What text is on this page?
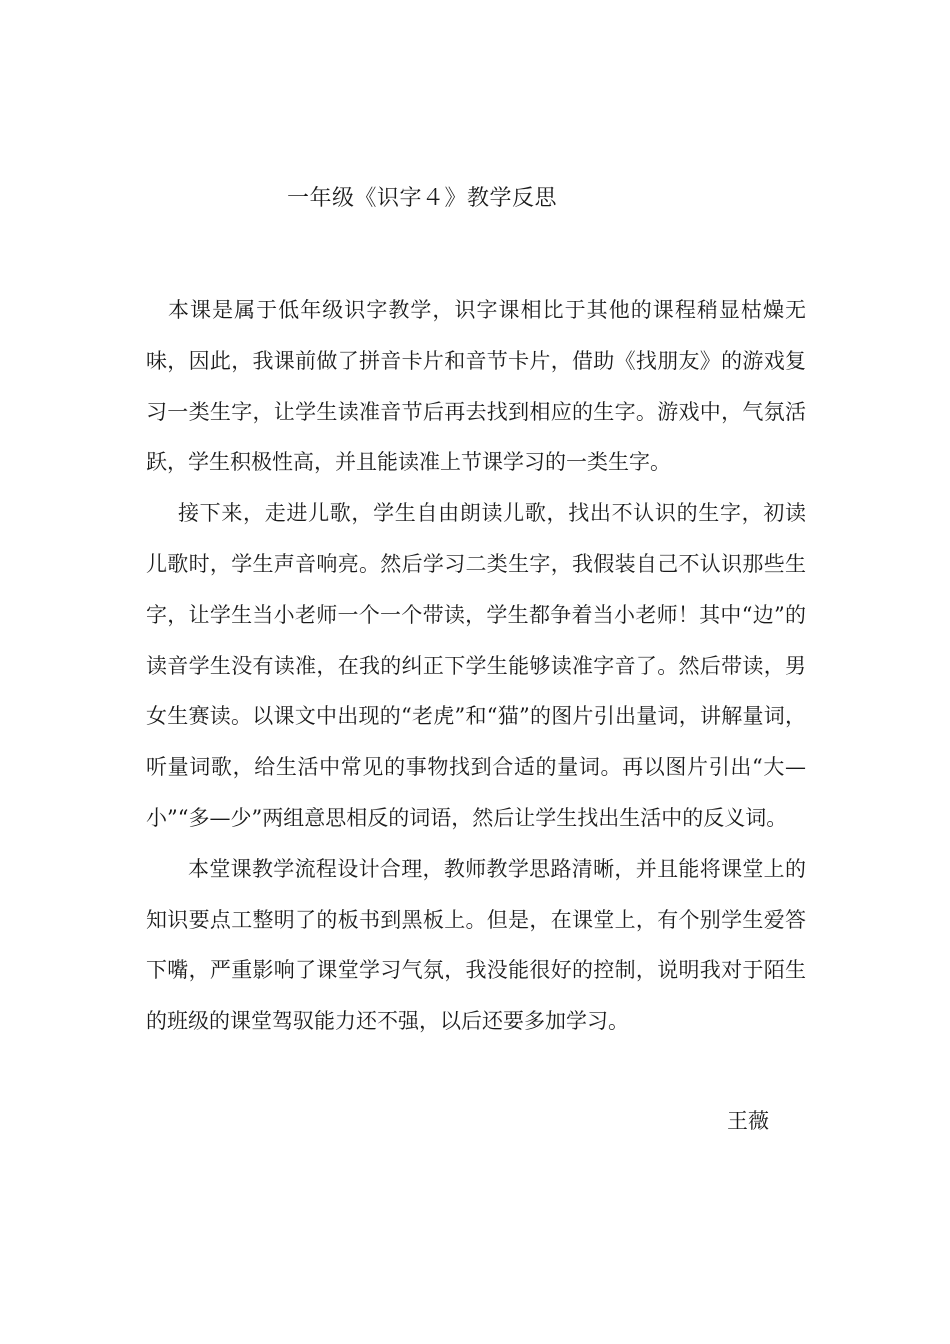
一年级《识字４》教学反思

本课是属于低年级识字教学，识字课相比于其他的课程稍显枯燥无味，因此，我课前做了拼音卡片和音节卡片，借助《找朋友》的游戏复习一类生字，让学生读准音节后再去找到相应的生字。游戏中，气氛活跃，学生积极性高，并且能读准上节课学习的一类生字。

接下来，走进儿歌，学生自由朗读儿歌，找出不认识的生字，初读儿歌时，学生声音响亮。然后学习二类生字，我假装自己不认识那些生字，让学生当小老师一个一个带读，学生都争着当小老师！其中“边”的读音学生没有读准，在我的纠正下学生能够读准字音了。然后带读，男女生赛读。以课文中出现的“老虎”和“猫”的图片引出量词，讲解量词，听量词歌，给生活中常见的事物找到合适的量词。再以图片引出“大—小”“多—少”两组意思相反的词语，然后让学生找出生活中的反义词。

本堂课教学流程设计合理，教师教学思路清晰，并且能将课堂上的知识要点工整明了的板书到黑板上。但是，在课堂上，有个别学生爱答下嘴，严重影响了课堂学习气氛，我没能很好的控制，说明我对于陌生的班级的课堂驾驭能力还不强，以后还要多加学习。

王薇
